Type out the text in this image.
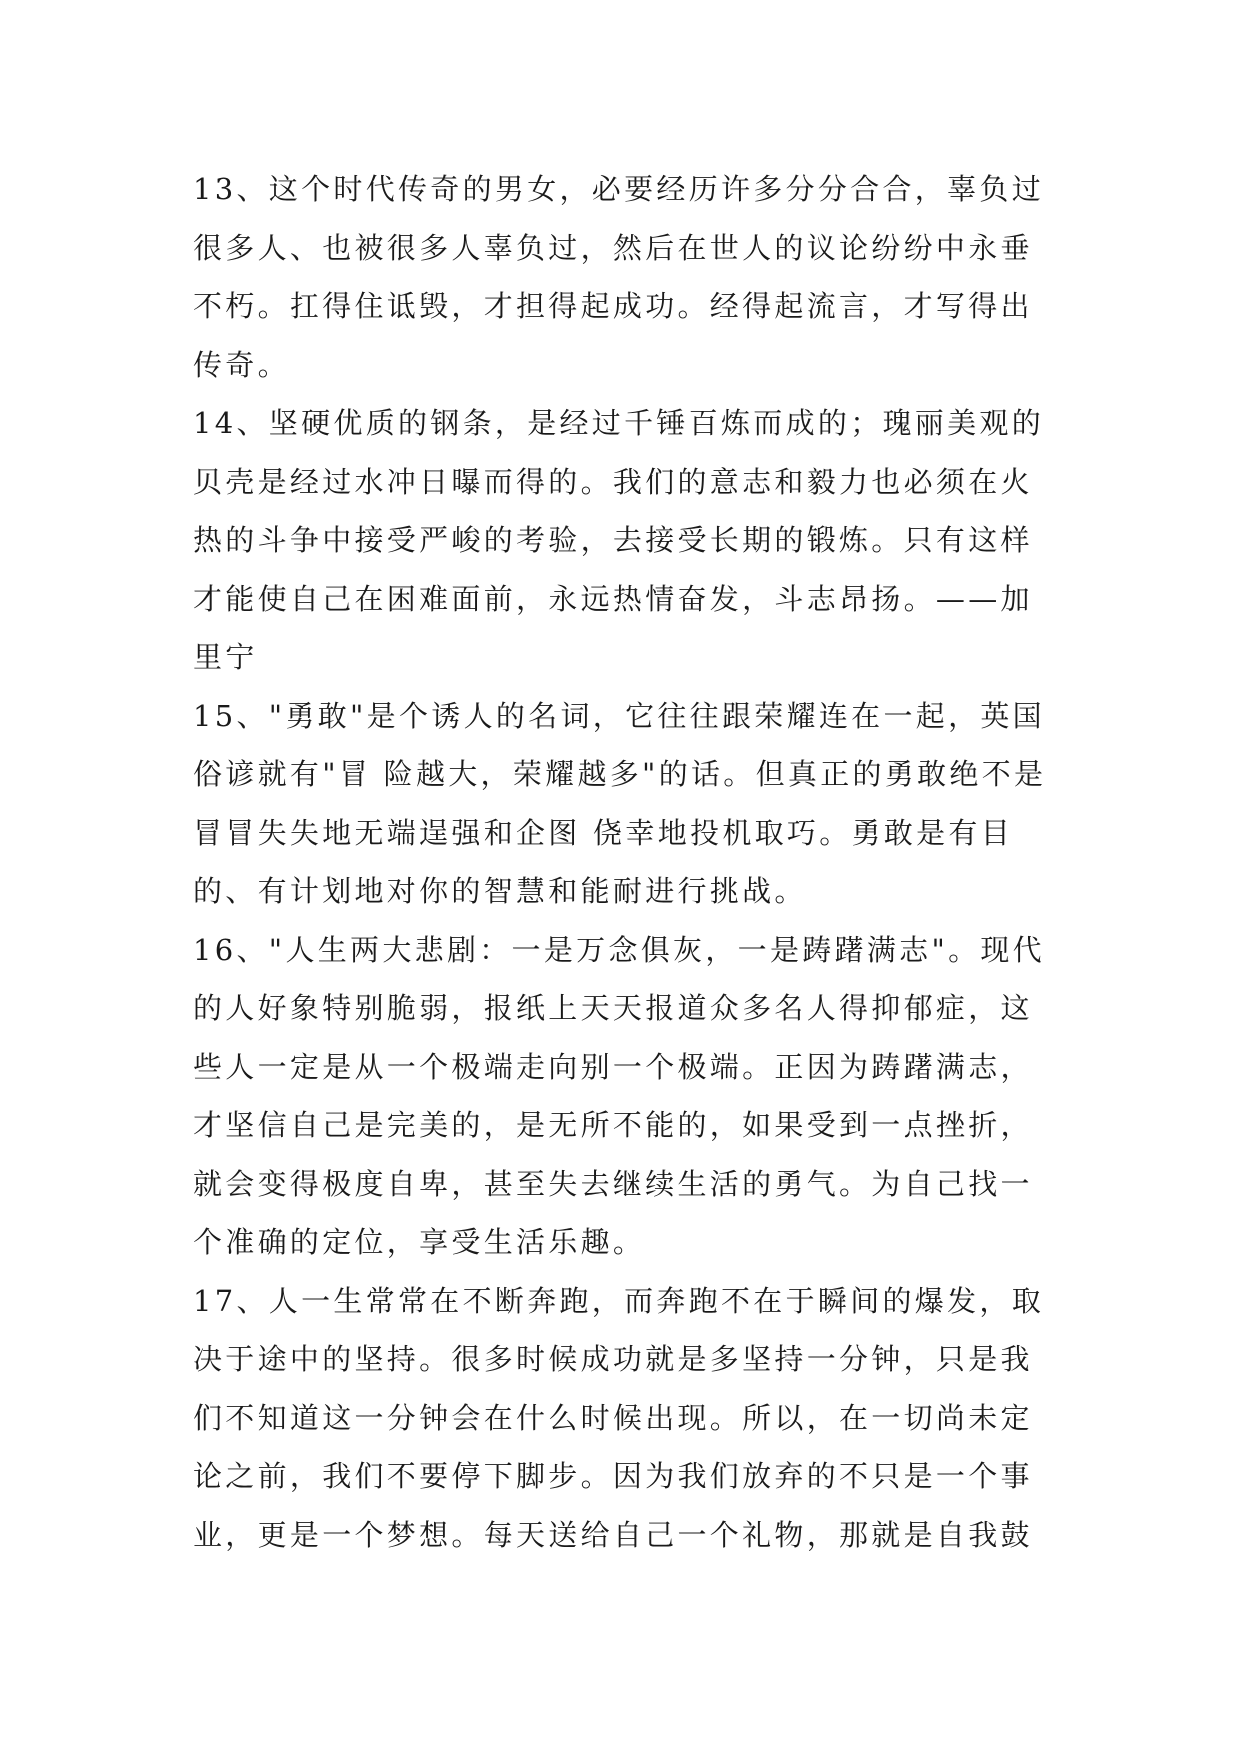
13、这个时代传奇的男女，必要经历许多分分合合，辜负过很多人、也被很多人辜负过，然后在世人的议论纷纷中永垂不朽。扛得住诋毁，才担得起成功。经得起流言，才写得出传奇。

14、坚硬优质的钢条，是经过千锤百炼而成的；瑰丽美观的贝壳是经过水冲日曝而得的。我们的意志和毅力也必须在火热的斗争中接受严峻的考验，去接受长期的锻炼。只有这样才能使自己在困难面前，永远热情奋发，斗志昂扬。——加里宁

15、"勇敢"是个诱人的名词，它往往跟荣耀连在一起，英国俗谚就有"冒 险越大，荣耀越多"的话。但真正的勇敢绝不是冒冒失失地无端逞强和企图 侥幸地投机取巧。勇敢是有目的、有计划地对你的智慧和能耐进行挑战。

16、"人生两大悲剧：一是万念俱灰，一是踌躇满志"。现代的人好象特别脆弱，报纸上天天报道众多名人得抑郁症，这些人一定是从一个极端走向别一个极端。正因为踌躇满志，才坚信自己是完美的，是无所不能的，如果受到一点挫折，就会变得极度自卑，甚至失去继续生活的勇气。为自己找一个准确的定位，享受生活乐趣。

17、人一生常常在不断奔跑，而奔跑不在于瞬间的爆发，取决于途中的坚持。很多时候成功就是多坚持一分钟，只是我们不知道这一分钟会在什么时候出现。所以，在一切尚未定论之前，我们不要停下脚步。因为我们放弃的不只是一个事业，更是一个梦想。每天送给自己一个礼物，那就是自我鼓
